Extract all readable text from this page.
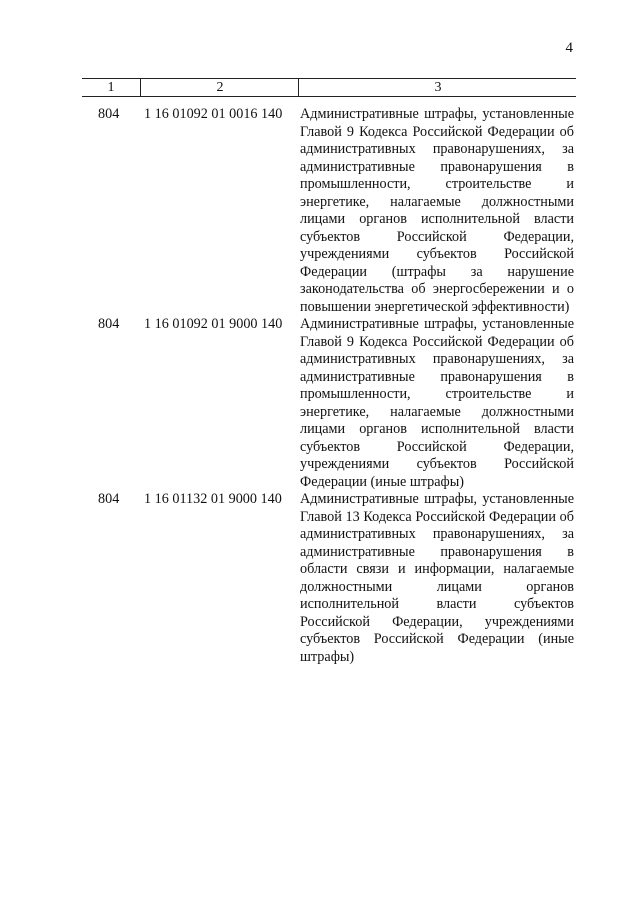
4
1	2	3
804 1 16 01092 01 0016 140 Административные штрафы, установленные Главой 9 Кодекса Российской Федерации об административных правонарушениях, за административные правонарушения в промышленности, строительстве и энергетике, налагаемые должностными лицами органов исполнительной власти субъектов Российской Федерации, учреждениями субъектов Российской Федерации (штрафы за нарушение законодательства об энергосбережении и о повышении энергетической эффективности)
804 1 16 01092 01 9000 140 Административные штрафы, установленные Главой 9 Кодекса Российской Федерации об административных правонарушениях, за административные правонарушения в промышленности, строительстве и энергетике, налагаемые должностными лицами органов исполнительной власти субъектов Российской Федерации, учреждениями субъектов Российской Федерации (иные штрафы)
804 1 16 01132 01 9000 140 Административные штрафы, установленные Главой 13 Кодекса Российской Федерации об административных правонарушениях, за административные правонарушения в области связи и информации, налагаемые должностными лицами органов исполнительной власти субъектов Российской Федерации, учреждениями субъектов Российской Федерации (иные штрафы)
